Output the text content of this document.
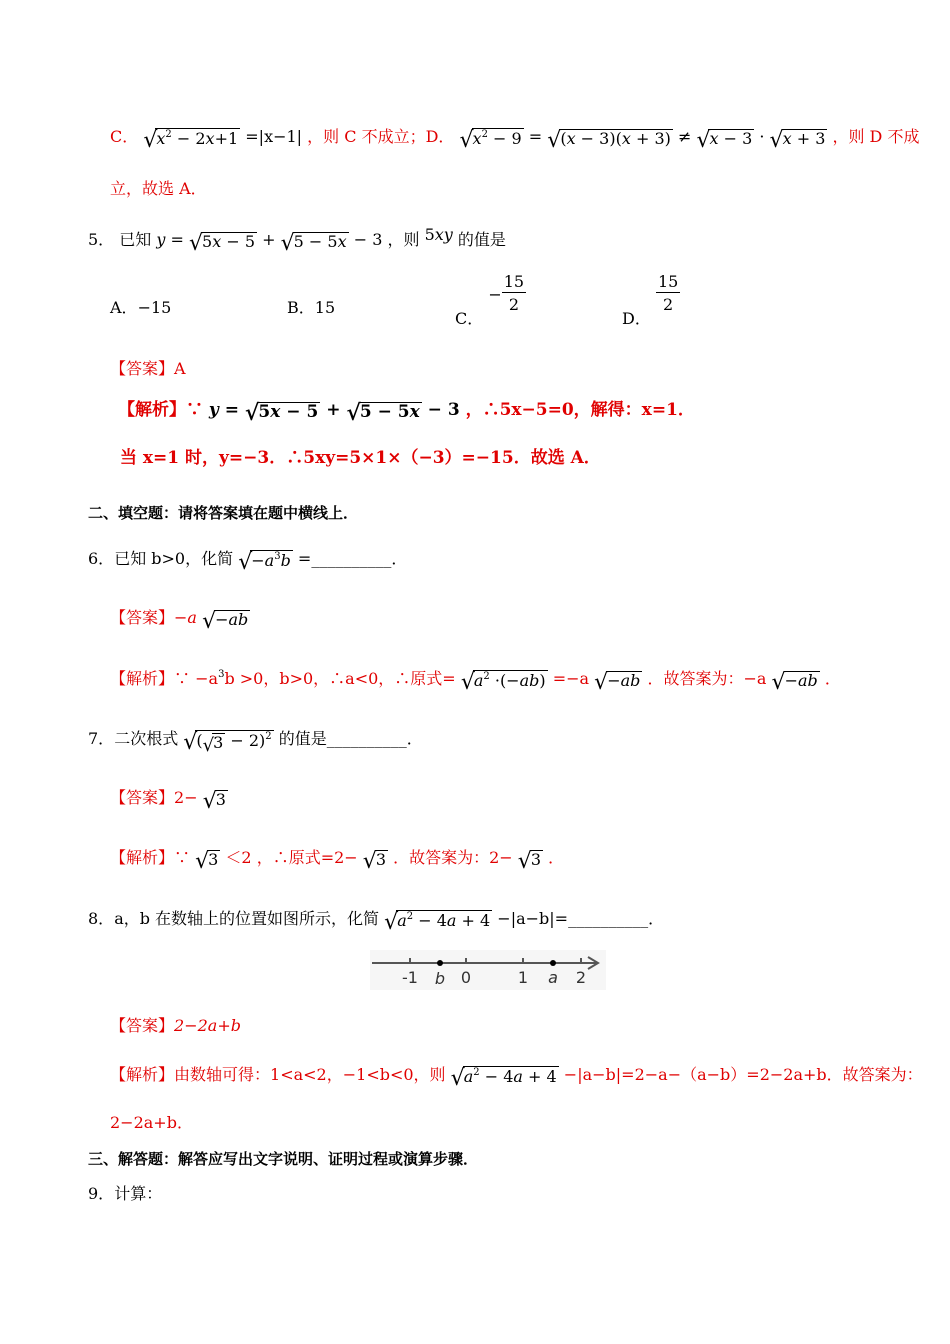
C． $√x^2 - 2x+1 =|x-1|$ ，则 C 不成立；D． $√x^2 - 9 = √(x - 3)(x + 3) \ne √x - 3 \cdot √x + 3$ ，则 D 不成
立，故选 A．
5． 已知 y = √5x − 5 + √5 − 5x − 3 ，则 5xy 的值是
A．−15	B．15
C． − $\frac{15}{2}$
D．
$\frac{15}{2}$
【答案】A
【解析】∵ y = √5x − 5 + √5 − 5x − 3 ，∴5x−5=0，解得：x=1．
当 x=1 时，y=−3．∴5xy=5×1×（−3）=−15．故选 A．
二、填空题：请将答案填在题中横线上．
6．已知 b>0，化简 $√-a^3b$ =__________．
【答案】−a √−ab
【解析】∵ $-a^3b >0$，b>0，∴a<0，∴原式= $√a^2 \cdot(-ab) =-a$ √−ab ．故答案为：−a √−ab ．
7．二次根式 $√(√3 - 2)^2$ 的值是__________．
【答案】2− √3
【解析】∵ √3 ＜2 ，∴原式=2− √3 ．故答案为：2− √3 ．
8．a，b 在数轴上的位置如图所示，化简 $√a^2 - 4a + 4$ −|a−b|=__________．
-1 b 0	1 a 2
【答案】2−2a+b
【解析】由数轴可得：1<a<2，−1<b<0，则 $√a^2 - 4a + 4 -|a-b|=2-a-(a-b)=2-2a+b$．故答案为：
2−2a+b．
三、解答题：解答应写出文字说明、证明过程或演算步骤．
9．计算：
